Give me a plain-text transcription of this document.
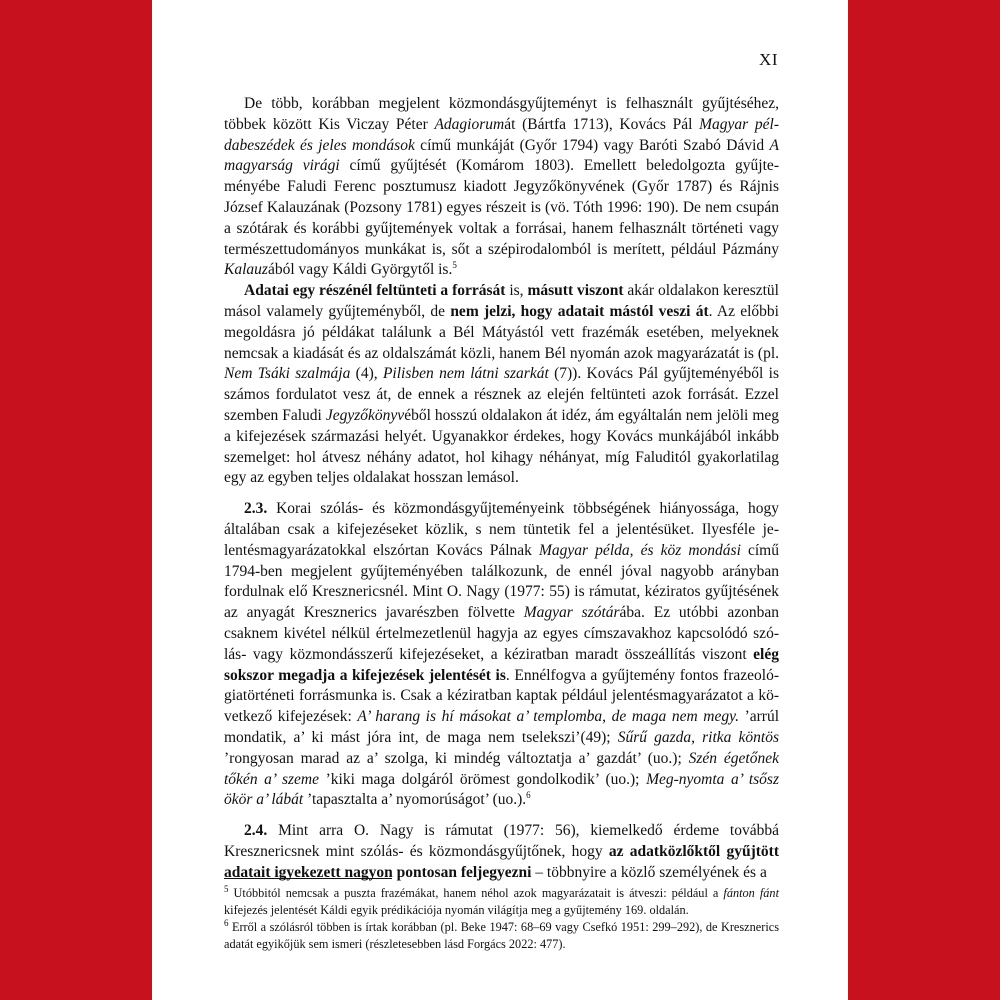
XI

De több, korábban megjelent közmondásgyűjteményt is felhasznált gyűjtéséhez, többek között Kis Viczay Péter Adagiorumát (Bártfa 1713), Kovács Pál Magyar példabeszédek és jeles mondások című munkáját (Győr 1794) vagy Baróti Szabó Dávid A magyarság virági című gyűjtését (Komárom 1803). Emellett beledolgozta gyűjteményébe Faludi Ferenc posztumusz kiadott Jegyzőkönyvének (Győr 1787) és Rájnis József Kalauzának (Pozsony 1781) egyes részeit is (vö. Tóth 1996: 190). De nem csupán a szótárak és korábbi gyűjtemények voltak a forrásai, hanem felhasznált történeti vagy természettudományos munkákat is, sőt a szépirodalomból is merített, például Pázmány Kalauzából vagy Káldi Györgytől is.$^5$

Adatai egy részénél feltünteti a forrását is, másutt viszont akár oldalakon keresztül másol valamely gyűjteményből, de nem jelzi, hogy adatait mástól veszi át. Az előbbi megoldásra jó példákat találunk a Bél Mátyástól vett frazémák esetében, melyeknek nemcsak a kiadását és az oldalszámát közli, hanem Bél nyomán azok magyarázatát is (pl. Nem Tsáki szalmája (4), Pilisben nem látni szarkát (7)). Kovács Pál gyűjteményéből is számos fordulatot vesz át, de ennek a résznek az elején feltünteti azok forrását. Ezzel szemben Faludi Jegyzőkönyvéből hosszú oldalakon át idéz, ám egyáltalán nem jelöli meg a kifejezések származási helyét. Ugyanakkor érdekes, hogy Kovács munkájából inkább szemelget: hol átvesz néhány adatot, hol kihagy néhányat, míg Faluditól gyakorlatilag egy az egyben teljes oldalakat hosszan lemásol.

2.3. Korai szólás- és közmondásgyűjteményeink többségének hiányossága, hogy általában csak a kifejezéseket közlik, s nem tüntetik fel a jelentésüket. Ilyesféle jelentésmagyarázatokkal elszórtan Kovács Pálnak Magyar példa, és köz mondási című 1794-ben megjelent gyűjteményében találkozunk, de ennél jóval nagyobb arányban fordulnak elő Kresznericsnél. Mint O. Nagy (1977: 55) is rámutat, kéziratos gyűjtésének az anyagát Kresznerics javarészben fölvette Magyar szótárába. Ez utóbbi azonban csaknem kivétel nélkül értelmezetlenül hagyja az egyes címszavakhoz kapcsolódó szólás- vagy közmondásszerű kifejezéseket, a kéziratban maradt összeállítás viszont elég sokszor megadja a kifejezések jelentését is. Ennélfogva a gyűjtemény fontos frazeológiatörténeti forrásmunka is. Csak a kéziratban kaptak például jelentésmagyarázatot a következő kifejezések: A’ harang is hí másokat a’ templomba, de maga nem megy. ’arrúl mondatik, a’ ki mást jóra int, de maga nem tselekszi’(49); Sűrű gazda, ritka köntös ’rongyosan marad az a’ szolga, ki mindég változtatja a’ gazdát’ (uo.); Szén égetőnek tőkén a’ szeme ’kiki maga dolgáról örömest gondolkodik’ (uo.); Meg-nyomta a’ tsősz ökör a’ lábát ’tapasztalta a’ nyomorúságot’ (uo.).$^6$

2.4. Mint arra O. Nagy is rámutat (1977: 56), kiemelkedő érdeme továbbá Kresznericsnek mint szólás- és közmondásgyűjtőnek, hogy az adatközlőktől gyűjtött adatait igyekezett nagyon pontosan feljegyezni – többnyire a közlő személyének és a

$^5$ Utóbbitól nemcsak a puszta frazémákat, hanem néhol azok magyarázatait is átveszi: például a fánton fánt kifejezés jelentését Káldi egyik prédikációja nyomán világítja meg a gyűjtemény 169. oldalán.

$^6$ Erről a szólásról többen is írtak korábban (pl. Beke 1947: 68–69 vagy Csefkó 1951: 299–292), de Kresznerics adatát egyikőjük sem ismeri (részletesebben lásd Forgács 2022: 477).
